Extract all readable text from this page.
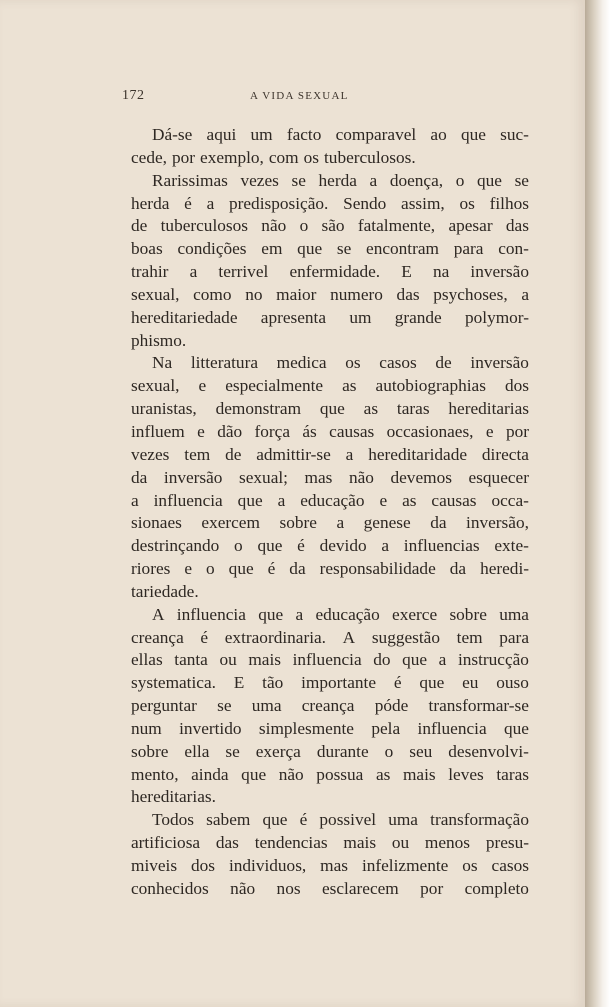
172	A VIDA SEXUAL
Dá-se aqui um facto comparavel ao que suc-
cede, por exemplo, com os tuberculosos.
Rarissimas vezes se herda a doença, o que se
herda é a predisposição. Sendo assim, os filhos
de tuberculosos não o são fatalmente, apesar das
boas condições em que se encontram para con-
trahir a terrivel enfermidade. E na inversão
sexual, como no maior numero das psychoses, a
hereditariedade apresenta um grande polymor-
phismo.
Na litteratura medica os casos de inversão
sexual, e especialmente as autobiographias dos
uranistas, demonstram que as taras hereditarias
influem e dão força ás causas occasionaes, e por
vezes tem de admittir-se a hereditaridade directa
da inversão sexual; mas não devemos esquecer
a influencia que a educação e as causas occa-
sionaes exercem sobre a genese da inversão,
destrinçando o que é devido a influencias exte-
riores e o que é da responsabilidade da heredi-
tariedade.
A influencia que a educação exerce sobre uma
creança é extraordinaria. A suggestão tem para
ellas tanta ou mais influencia do que a instrucção
systematica. E tão importante é que eu ouso
perguntar se uma creança póde transformar-se
num invertido simplesmente pela influencia que
sobre ella se exerça durante o seu desenvolvi-
mento, ainda que não possua as mais leves taras
hereditarias.
Todos sabem que é possivel uma transformação
artificiosa das tendencias mais ou menos presu-
miveis dos individuos, mas infelizmente os casos
conhecidos não nos esclarecem por completo
